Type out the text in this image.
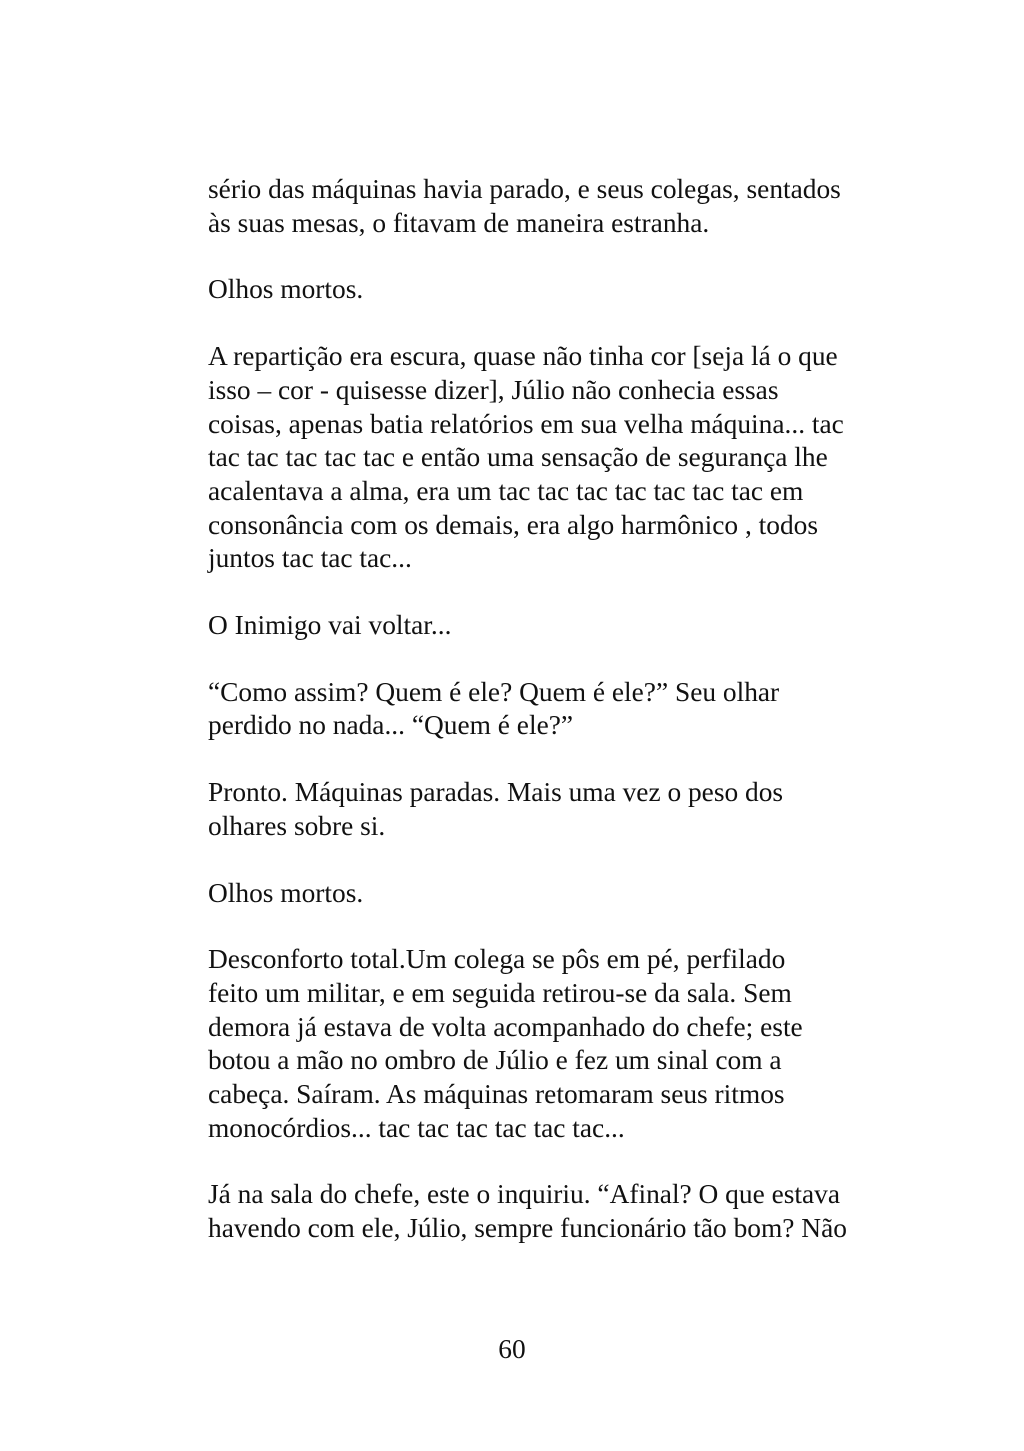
sério das máquinas havia parado, e seus colegas, sentados
às suas mesas, o fitavam de maneira estranha.

Olhos mortos.

A repartição era escura, quase não tinha cor [seja lá o que
isso – cor - quisesse dizer], Júlio não conhecia essas
coisas, apenas batia relatórios em sua velha máquina... tac
tac tac tac tac tac e então uma sensação de segurança lhe
acalentava a alma, era um tac tac tac tac tac tac tac em
consonância com os demais, era algo harmônico , todos
juntos tac tac tac...

O Inimigo vai voltar...

“Como assim? Quem é ele? Quem é ele?” Seu olhar
perdido no nada... “Quem é ele?”

Pronto. Máquinas paradas. Mais uma vez o peso dos
olhares sobre si.

Olhos mortos.

Desconforto total.Um colega se pôs em pé, perfilado
feito um militar, e em seguida retirou-se da sala. Sem
demora já estava de volta acompanhado do chefe; este
botou a mão no ombro de Júlio e fez um sinal com a
cabeça. Saíram. As máquinas retomaram seus ritmos
monocórdios... tac tac tac tac tac tac...

Já na sala do chefe, este o inquiriu. “Afinal? O que estava
havendo com ele, Júlio, sempre funcionário tão bom? Não

60
